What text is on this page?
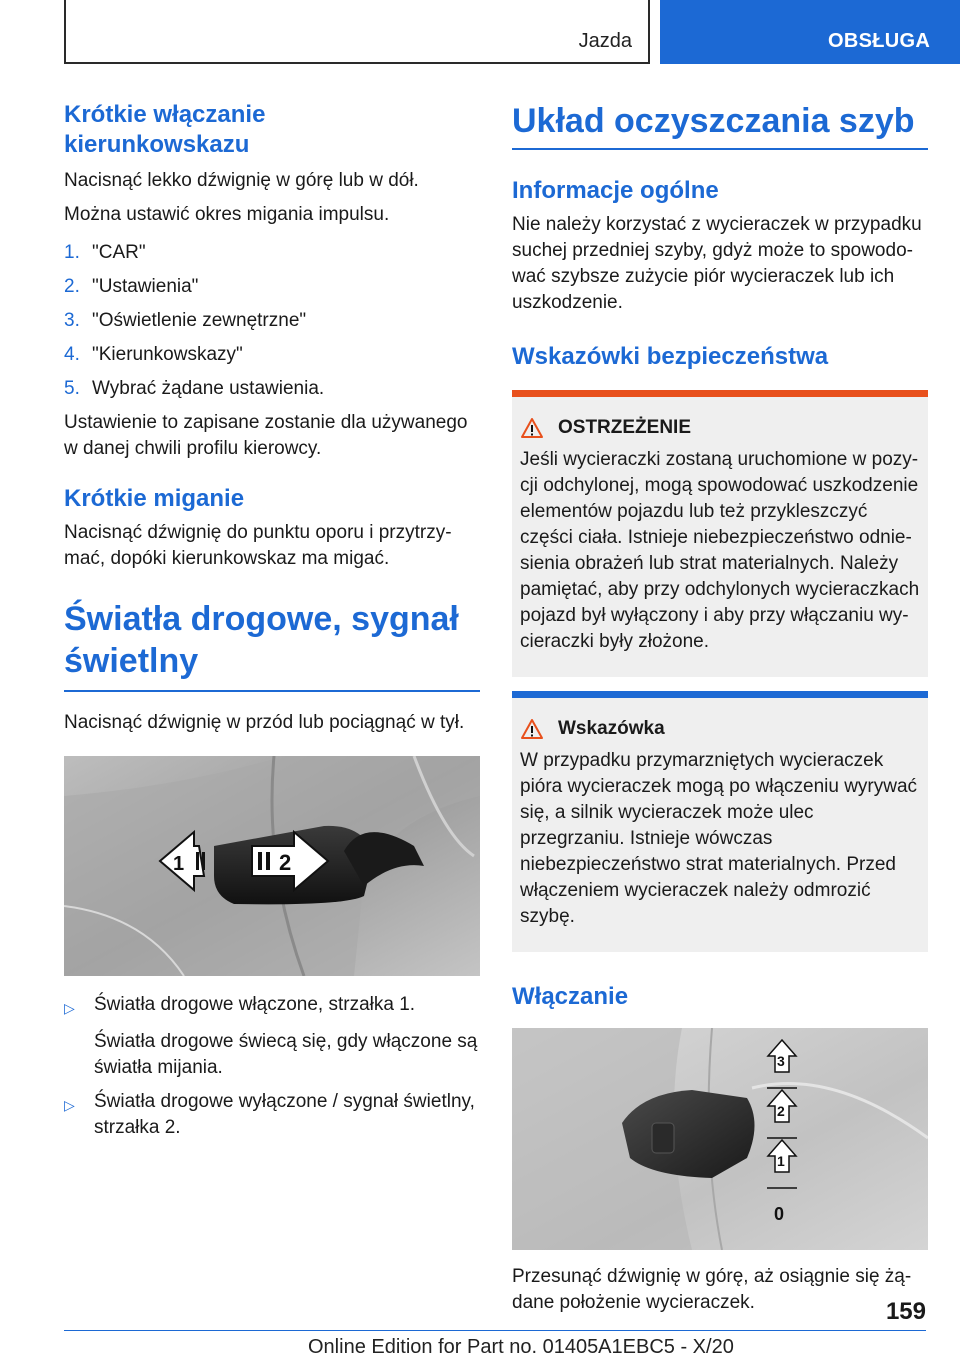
Jazda	OBSŁUGA
Krótkie włączanie kierunkowskazu

Nacisnąć lekko dźwignię w górę lub w dół.

Można ustawić okres migania impulsu.

1. "CAR"
2. "Ustawienia"
3. "Oświetlenie zewnętrzne"
4. "Kierunkowskazy"
5. Wybrać żądane ustawienia.

Ustawienie to zapisane zostanie dla używanego w danej chwili profilu kierowcy.

Krótkie miganie

Nacisnąć dźwignię do punktu oporu i przytrzymać, dopóki kierunkowskaz ma migać.

Światła drogowe, sygnał świetlny

Nacisnąć dźwignię w przód lub pociągnąć w tył.

1	2
▷	Światła drogowe włączone, strzałka 1.
Światła drogowe świecą się, gdy włączone są światła mijania.
▷	Światła drogowe wyłączone / sygnał świetlny, strzałka 2.
Układ oczyszczania szyb
Informacje ogólne

Nie należy korzystać z wycieraczek w przypadku suchej przedniej szyby, gdyż może to spowodować szybsze zużycie piór wycieraczek lub ich uszkodzenie.

Wskazówki bezpieczeństwa
OSTRZEŻENIE
Jeśli wycieraczki zostaną uruchomione w pozycji odchylonej, mogą spowodować uszkodzenie elementów pojazdu lub też przykleszczyć części ciała. Istnieje niebezpieczeństwo odniesienia obrażeń lub strat materialnych. Należy pamiętać, aby przy odchylonych wycieraczkach pojazd był wyłączony i aby przy włączaniu wycieraczki były złożone.
Wskazówka
W przypadku przymarzniętych wycieraczek pióra wycieraczek mogą po włączeniu wyrywać się, a silnik wycieraczek może ulec przegrzaniu. Istnieje wówczas niebezpieczeństwo strat materialnych. Przed włączeniem wycieraczek należy odmrozić szybę.
Włączanie
3
2
1
0

Przesunąć dźwignię w górę, aż osiągnie się żądane położenie wycieraczek.	159
Online Edition for Part no. 01405A1EBC5 - X/20
